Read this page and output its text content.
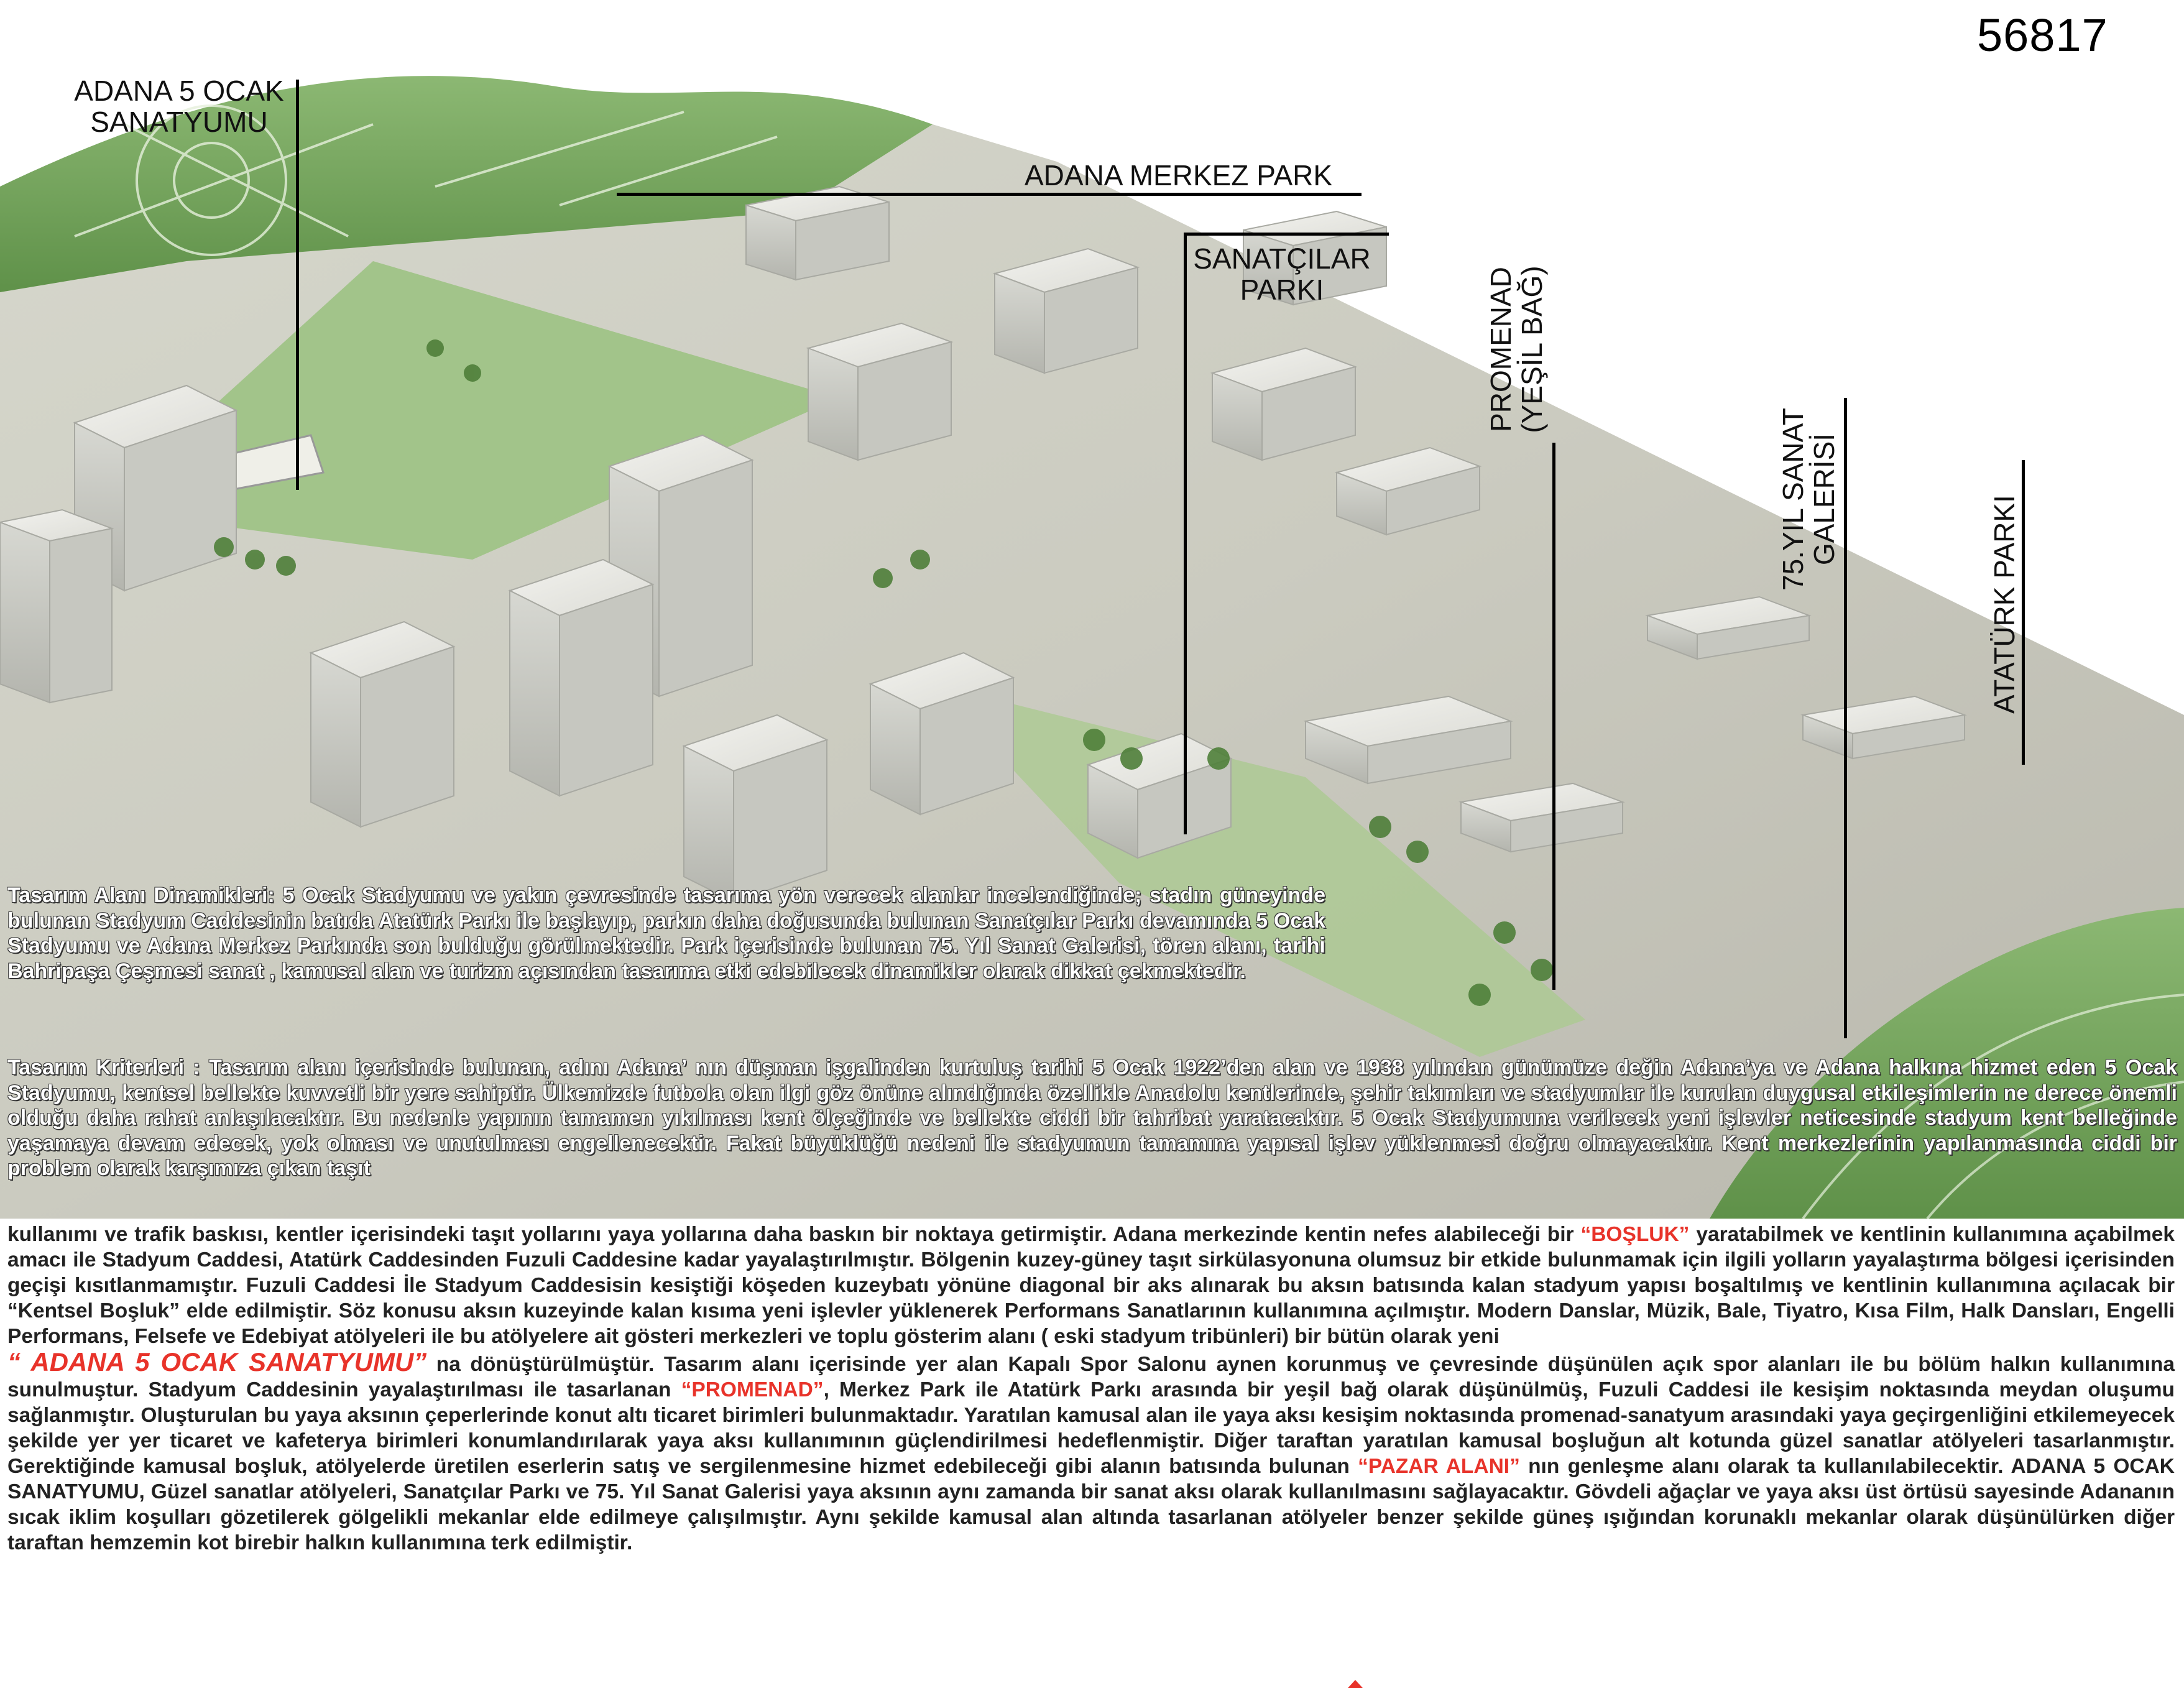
56817
ADANA 5 OCAK
SANATYUMU
ADANA MERKEZ PARK
SANATÇILAR
PARKI	PROMENAD
(YEŞİL BAĞ)
75.YIL SANAT
GALERİSİ	ATATÜRK PARKI
Tasarım Alanı Dinamikleri: 5 Ocak Stadyumu ve yakın çevresinde tasarıma yön verecek alanlar incelendiğinde; stadın güneyinde bulunan Stadyum Caddesinin batıda Atatürk Parkı ile başlayıp, parkın daha doğusunda bulunan Sanatçılar Parkı devamında 5 Ocak Stadyumu ve Adana Merkez Parkında son bulduğu görülmektedir. Park içerisinde bulunan 75. Yıl Sanat Galerisi, tören alanı, tarihi Bahripaşa Çeşmesi sanat , kamusal alan ve turizm açısından tasarıma etki edebilecek dinamikler olarak dikkat çekmektedir.
Tasarım Kriterleri : Tasarım alanı içerisinde bulunan, adını Adana’ nın düşman işgalinden kurtuluş tarihi 5 Ocak 1922’den alan ve 1938 yılından günümüze değin Adana’ya ve Adana halkına hizmet eden 5 Ocak Stadyumu, kentsel bellekte kuvvetli bir yere sahiptir. Ülkemizde futbola olan ilgi göz önüne alındığında özellikle Anadolu kentlerinde, şehir takımları ve stadyumlar ile kurulan duygusal etkileşimlerin ne derece önemli olduğu daha rahat anlaşılacaktır. Bu nedenle yapının tamamen yıkılması kent ölçeğinde ve bellekte ciddi bir tahribat yaratacaktır. 5 Ocak Stadyumuna verilecek yeni işlevler neticesinde stadyum kent belleğinde yaşamaya devam edecek, yok olması ve unutulması engellenecektir. Fakat büyüklüğü nedeni ile stadyumun tamamına yapısal işlev yüklenmesi doğru olmayacaktır. Kent merkezlerinin yapılanmasında ciddi bir problem olarak karşımıza çıkan taşıt
kullanımı ve trafik baskısı, kentler içerisindeki taşıt yollarını yaya yollarına daha baskın bir noktaya getirmiştir. Adana merkezinde kentin nefes alabileceği bir “BOŞLUK” yaratabilmek ve kentlinin kullanımına açabilmek amacı ile Stadyum Caddesi, Atatürk Caddesinden Fuzuli Caddesine kadar yayalaştırılmıştır. Bölgenin kuzey-güney taşıt sirkülasyonuna olumsuz bir etkide bulunmamak için ilgili yolların yayalaştırma bölgesi içerisinden geçişi kısıtlanmamıştır. Fuzuli Caddesi İle Stadyum Caddesisin kesiştiği köşeden kuzeybatı yönüne diagonal bir aks alınarak bu aksın batısında kalan stadyum yapısı boşaltılmış ve kentlinin kullanımına açılacak bir “Kentsel Boşluk” elde edilmiştir. Söz konusu aksın kuzeyinde kalan kısıma yeni işlevler yüklenerek Performans Sanatlarının kullanımına açılmıştır. Modern Danslar, Müzik, Bale, Tiyatro, Kısa Film, Halk Dansları, Engelli Performans, Felsefe ve Edebiyat atölyeleri ile bu atölyelere ait gösteri merkezleri ve toplu gösterim alanı ( eski stadyum tribünleri) bir bütün olarak yeni
“ ADANA 5 OCAK SANATYUMU” na dönüştürülmüştür. Tasarım alanı içerisinde yer alan Kapalı Spor Salonu aynen korunmuş ve çevresinde düşünülen açık spor alanları ile bu bölüm halkın kullanımına sunulmuştur. Stadyum Caddesinin yayalaştırılması ile tasarlanan “PROMENAD”, Merkez Park ile Atatürk Parkı arasında bir yeşil bağ olarak düşünülmüş, Fuzuli Caddesi ile kesişim noktasında meydan oluşumu sağlanmıştır. Oluşturulan bu yaya aksının çeperlerinde konut altı ticaret birimleri bulunmaktadır. Yaratılan kamusal alan ile yaya aksı kesişim noktasında promenad-sanatyum arasındaki yaya geçirgenliğini etkilemeyecek şekilde yer yer ticaret ve kafeterya birimleri konumlandırılarak yaya aksı kullanımının güçlendirilmesi hedeflenmiştir. Diğer taraftan yaratılan kamusal boşluğun alt kotunda güzel sanatlar atölyeleri tasarlanmıştır. Gerektiğinde kamusal boşluk, atölyelerde üretilen eserlerin satış ve sergilenmesine hizmet edebileceği gibi alanın batısında bulunan “PAZAR ALANI” nın genleşme alanı olarak ta kullanılabilecektir. ADANA 5 OCAK SANATYUMU, Güzel sanatlar atölyeleri, Sanatçılar Parkı ve 75. Yıl Sanat Galerisi yaya aksının aynı zamanda bir sanat aksı olarak kullanılmasını sağlayacaktır. Gövdeli ağaçlar ve yaya aksı üst örtüsü sayesinde Adananın sıcak iklim koşulları gözetilerek gölgelikli mekanlar elde edilmeye çalışılmıştır. Aynı şekilde kamusal alan altında tasarlanan atölyeler benzer şekilde güneş ışığından korunaklı mekanlar olarak düşünülürken diğer taraftan hemzemin kot birebir halkın kullanımına terk edilmiştir.
